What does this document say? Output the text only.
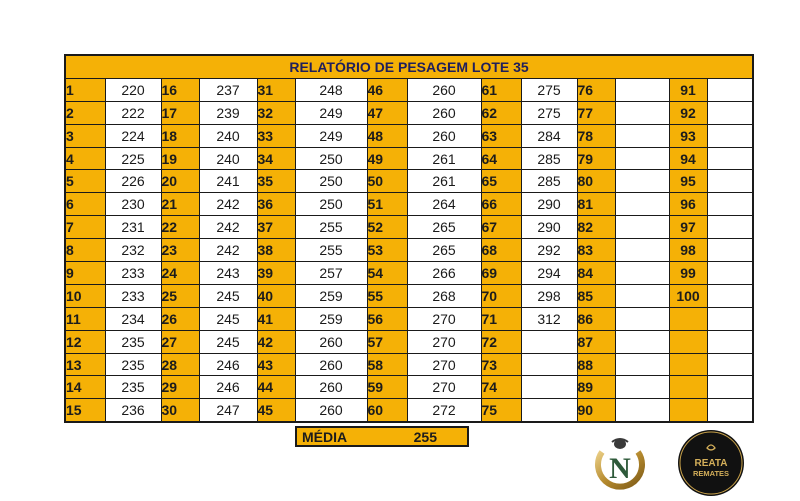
RELATÓRIO DE PESAGEM LOTE 35													
1	220	16	237	31	248	46	260	61	275	76		91	
2	222	17	239	32	249	47	260	62	275	77		92	
3	224	18	240	33	249	48	260	63	284	78		93	
4	225	19	240	34	250	49	261	64	285	79		94	
5	226	20	241	35	250	50	261	65	285	80		95	
6	230	21	242	36	250	51	264	66	290	81		96	
7	231	22	242	37	255	52	265	67	290	82		97	
8	232	23	242	38	255	53	265	68	292	83		98	
9	233	24	243	39	257	54	266	69	294	84		99	
10	233	25	245	40	259	55	268	70	298	85		100	
11	234	26	245	41	259	56	270	71	312	86			
12	235	27	245	42	260	57	270	72		87			
13	235	28	246	43	260	58	270	73		88			
14	235	29	246	44	260	59	270	74		89			
15	236	30	247	45	260	60	272	75		90			
MÉDIA	255
N	REATA
REMATES
